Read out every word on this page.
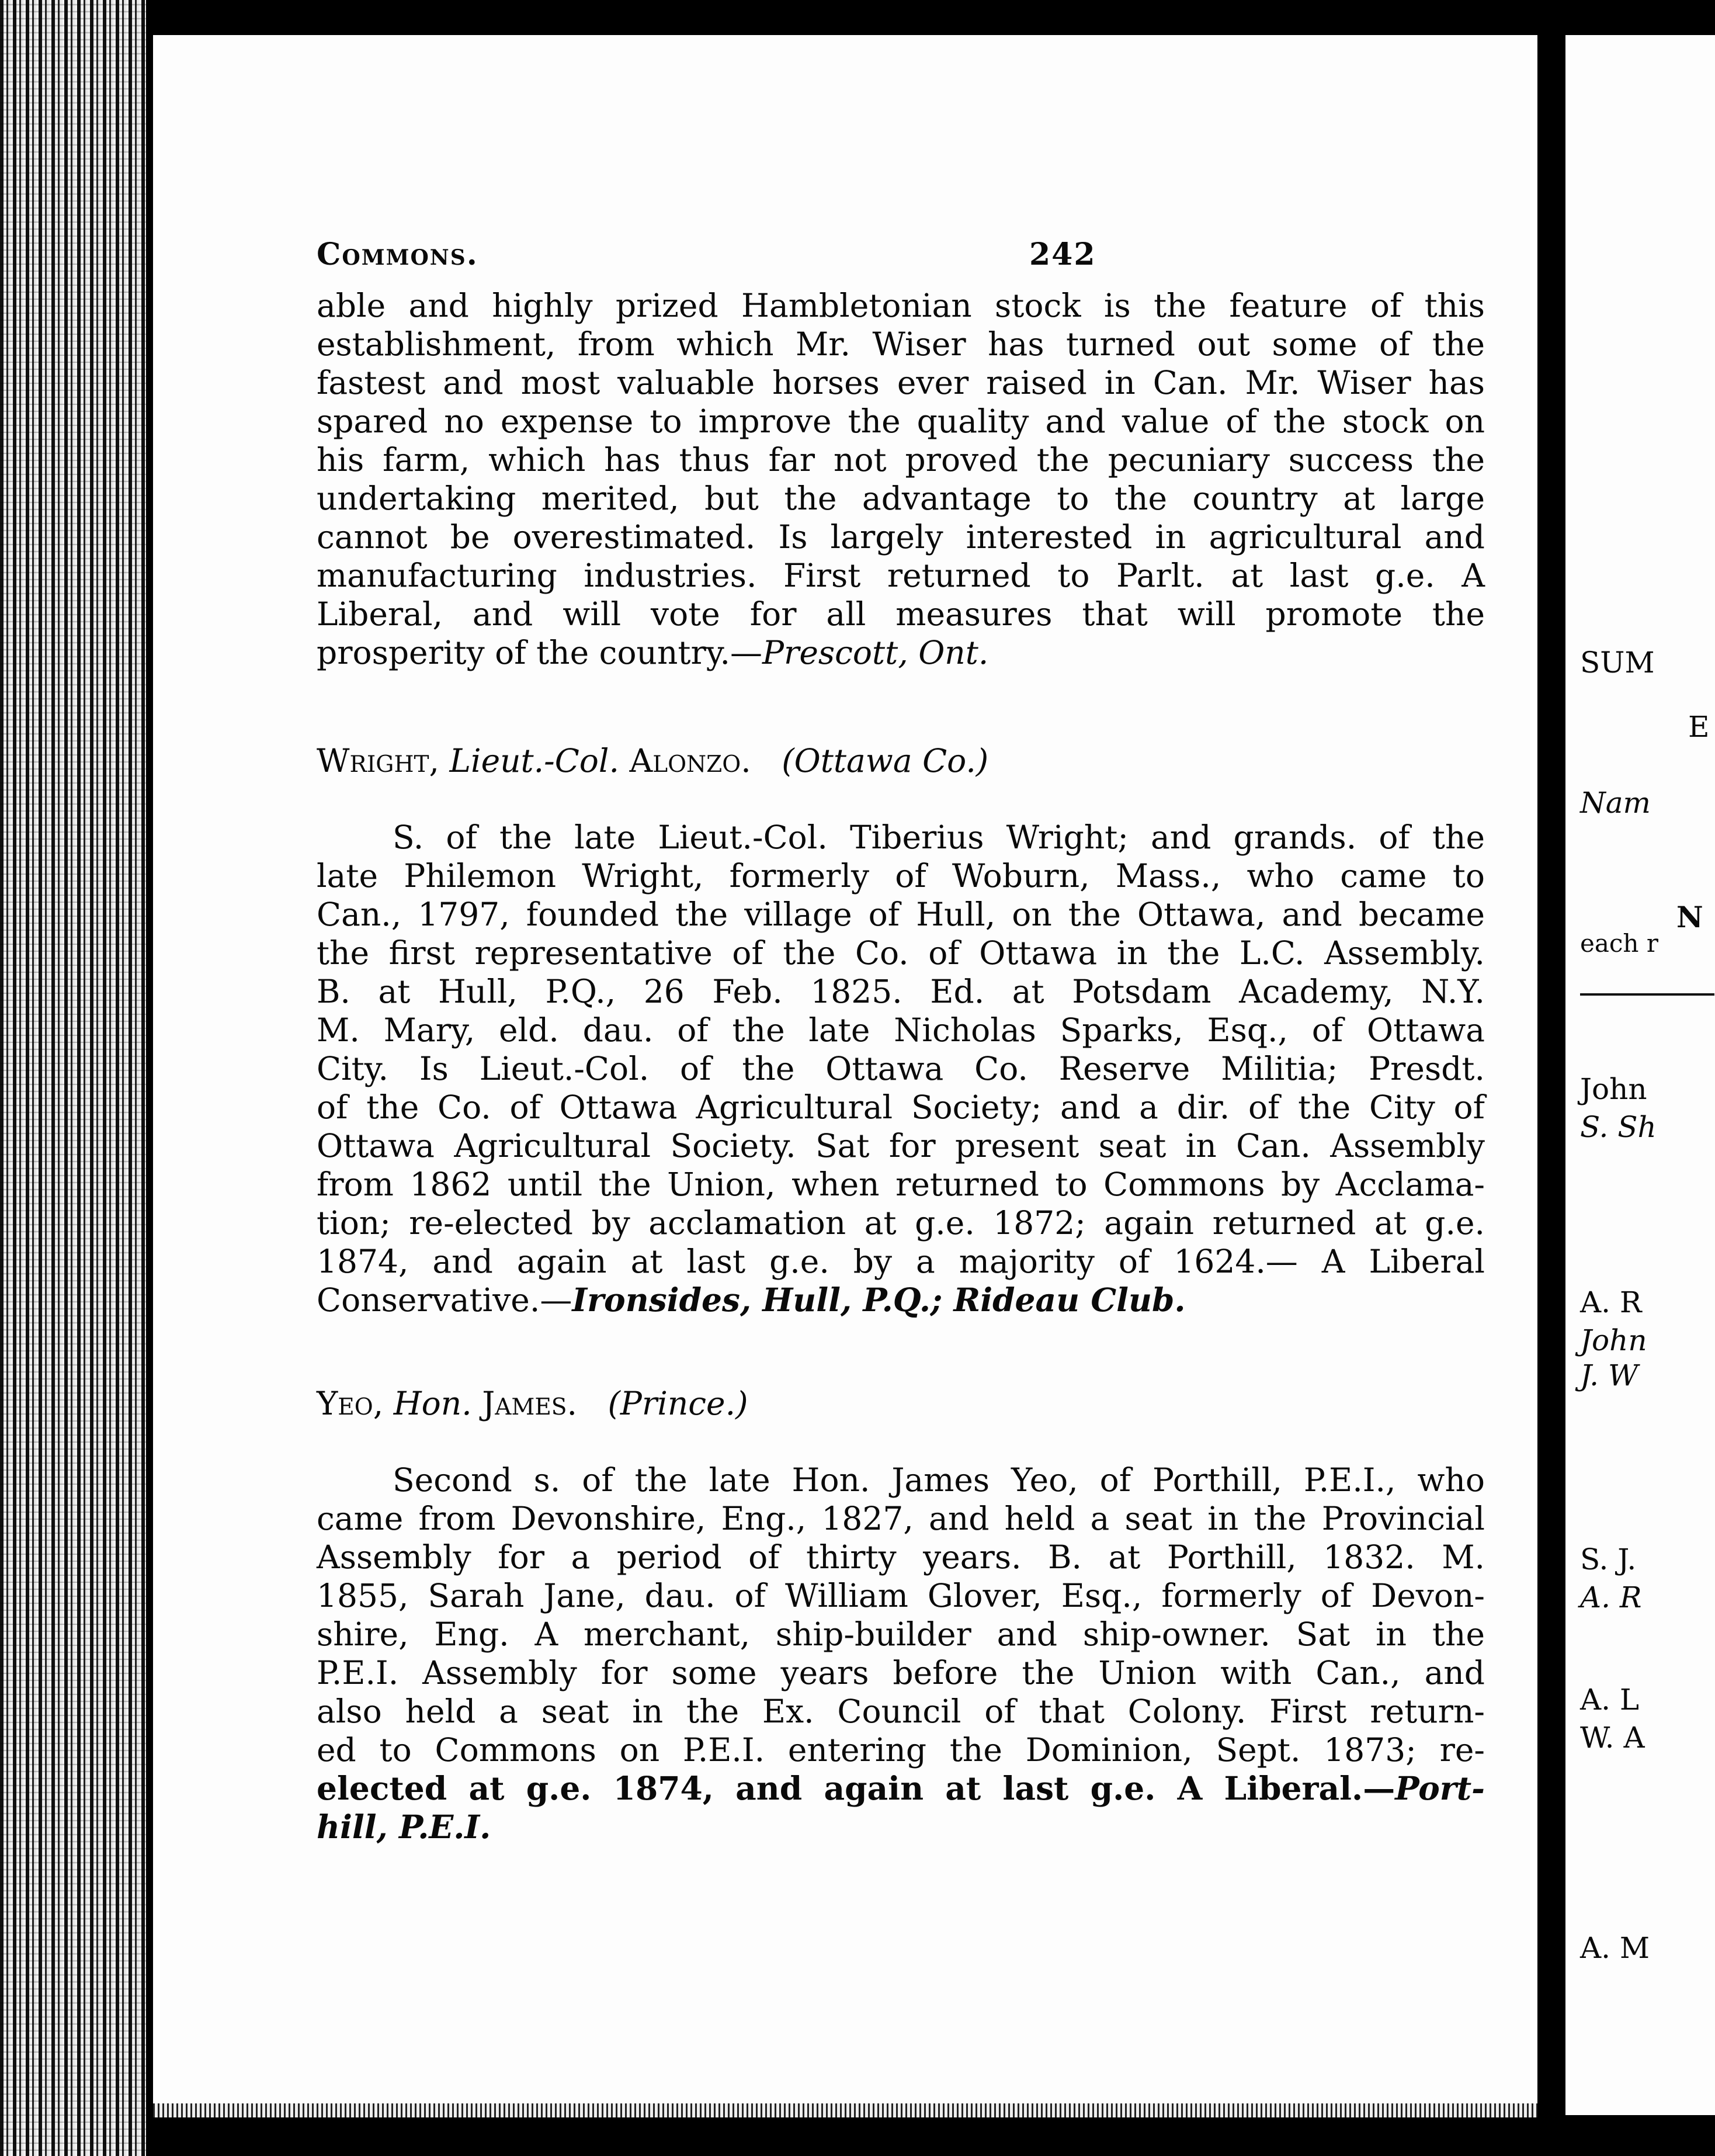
Commons.	242
able and highly prized Hambletonian stock is the feature of this
establishment, from which Mr. Wiser has turned out some of the
fastest and most valuable horses ever raised in Can. Mr. Wiser has
spared no expense to improve the quality and value of the stock on
his farm, which has thus far not proved the pecuniary success the
undertaking merited, but the advantage to the country at large
cannot be overestimated. Is largely interested in agricultural and
manufacturing industries. First returned to Parlt. at last g.e. A
Liberal, and will vote for all measures that will promote the
prosperity of the country.—Prescott, Ont.
Wright, Lieut.-Col. Alonzo. (Ottawa Co.)
S. of the late Lieut.-Col. Tiberius Wright; and grands. of the
late Philemon Wright, formerly of Woburn, Mass., who came to
Can., 1797, founded the village of Hull, on the Ottawa, and became
the first representative of the Co. of Ottawa in the L.C. Assembly.
B. at Hull, P.Q., 26 Feb. 1825. Ed. at Potsdam Academy, N.Y.
M. Mary, eld. dau. of the late Nicholas Sparks, Esq., of Ottawa
City. Is Lieut.-Col. of the Ottawa Co. Reserve Militia; Presdt.
of the Co. of Ottawa Agricultural Society; and a dir. of the City of
Ottawa Agricultural Society. Sat for present seat in Can. Assembly
from 1862 until the Union, when returned to Commons by Acclama-
tion; re-elected by acclamation at g.e. 1872; again returned at g.e.
1874, and again at last g.e. by a majority of 1624.— A Liberal
Conservative.—Ironsides, Hull, P.Q.; Rideau Club.
Yeo, Hon. James. (Prince.)
Second s. of the late Hon. James Yeo, of Porthill, P.E.I., who
came from Devonshire, Eng., 1827, and held a seat in the Provincial
Assembly for a period of thirty years. B. at Porthill, 1832. M.
1855, Sarah Jane, dau. of William Glover, Esq., formerly of Devon-
shire, Eng. A merchant, ship-builder and ship-owner. Sat in the
P.E.I. Assembly for some years before the Union with Can., and
also held a seat in the Ex. Council of that Colony. First return-
ed to Commons on P.E.I. entering the Dominion, Sept. 1873; re-
elected at g.e. 1874, and again at last g.e. A Liberal.—Port-
hill, P.E.I.
SUM
E
Nam
N
each r
John
S. Sh
A. R
John
J. W
S. J.
A. R
A. L
W. A
A. M
